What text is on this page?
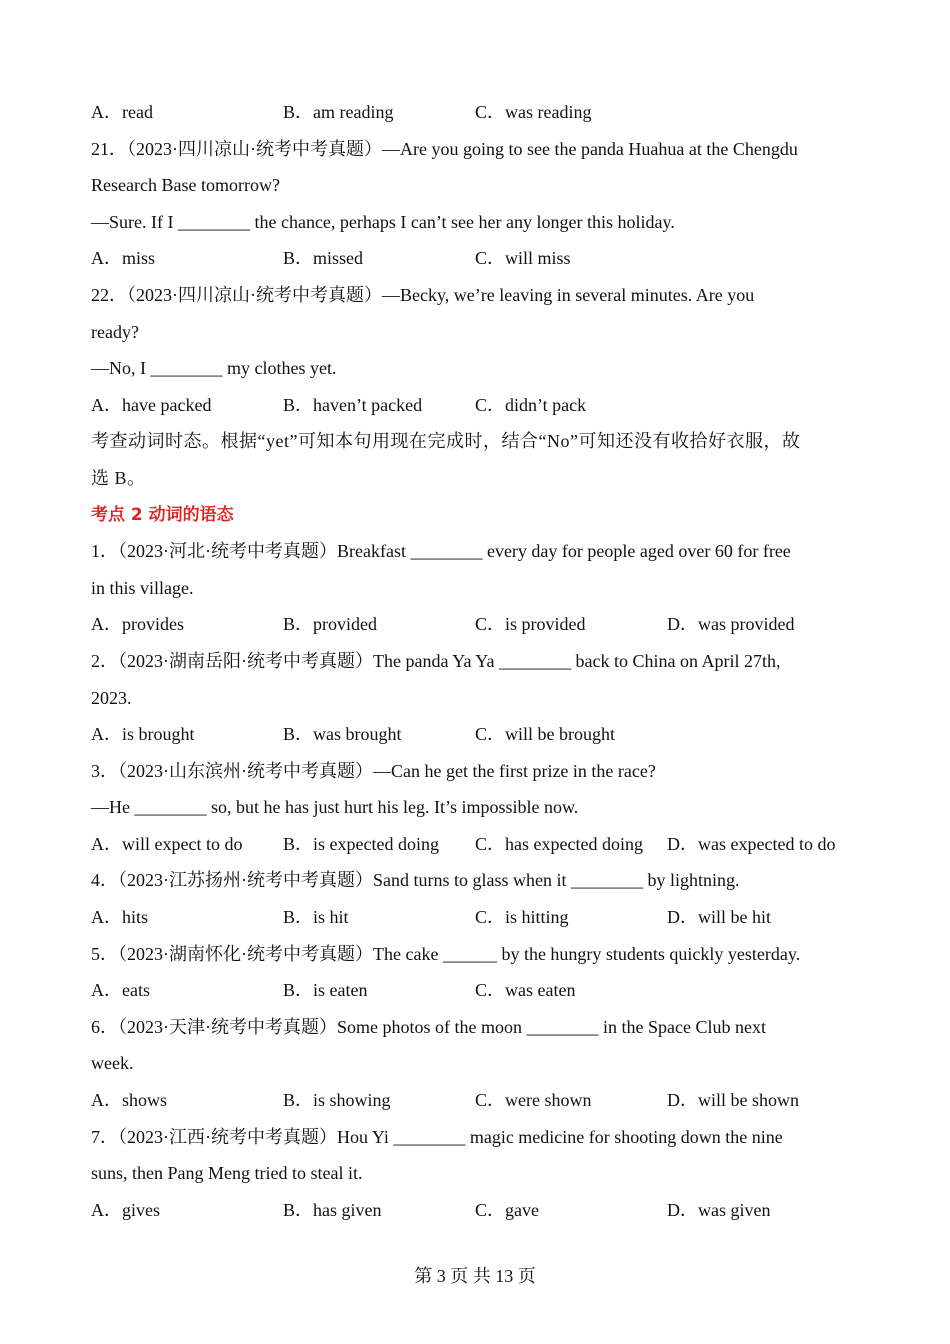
A．read	B．am reading	C．was reading
21．（2023·四川凉山·统考中考真题）—Are you going to see the panda Huahua at the Chengdu
Research Base tomorrow?
—Sure. If I ________ the chance, perhaps I can’t see her any longer this holiday.
A．miss	B．missed	C．will miss
22．（2023·四川凉山·统考中考真题）—Becky, we’re leaving in several minutes. Are you
ready?
—No, I ________ my clothes yet.
A．have packed	B．haven’t packed	C．didn’t pack
考查动词时态。根据“yet”可知本句用现在完成时，结合“No”可知还没有收拾好衣服，故
选 B。
考点 2 动词的语态
1．（2023·河北·统考中考真题）Breakfast ________ every day for people aged over 60 for free
in this village.
A．provides	B．provided	C．is provided	D．was provided
2．（2023·湖南岳阳·统考中考真题）The panda Ya Ya ________ back to China on April 27th,
2023.
A．is brought	B．was brought	C．will be brought
3．（2023·山东滨州·统考中考真题）—Can he get the first prize in the race?
—He ________ so, but he has just hurt his leg. It’s impossible now.
A．will expect to do	B．is expected doing	C．has expected doing	D．was expected to do
4．（2023·江苏扬州·统考中考真题）Sand turns to glass when it ________ by lightning.
A．hits	B．is hit	C．is hitting	D．will be hit
5．（2023·湖南怀化·统考中考真题）The cake ______ by the hungry students quickly yesterday.
A．eats	B．is eaten	C．was eaten
6．（2023·天津·统考中考真题）Some photos of the moon ________ in the Space Club next
week.
A．shows	B．is showing	C．were shown	D．will be shown
7．（2023·江西·统考中考真题）Hou Yi ________ magic medicine for shooting down the nine
suns, then Pang Meng tried to steal it.
A．gives	B．has given	C．gave	D．was given
第 3 页 共 13 页
